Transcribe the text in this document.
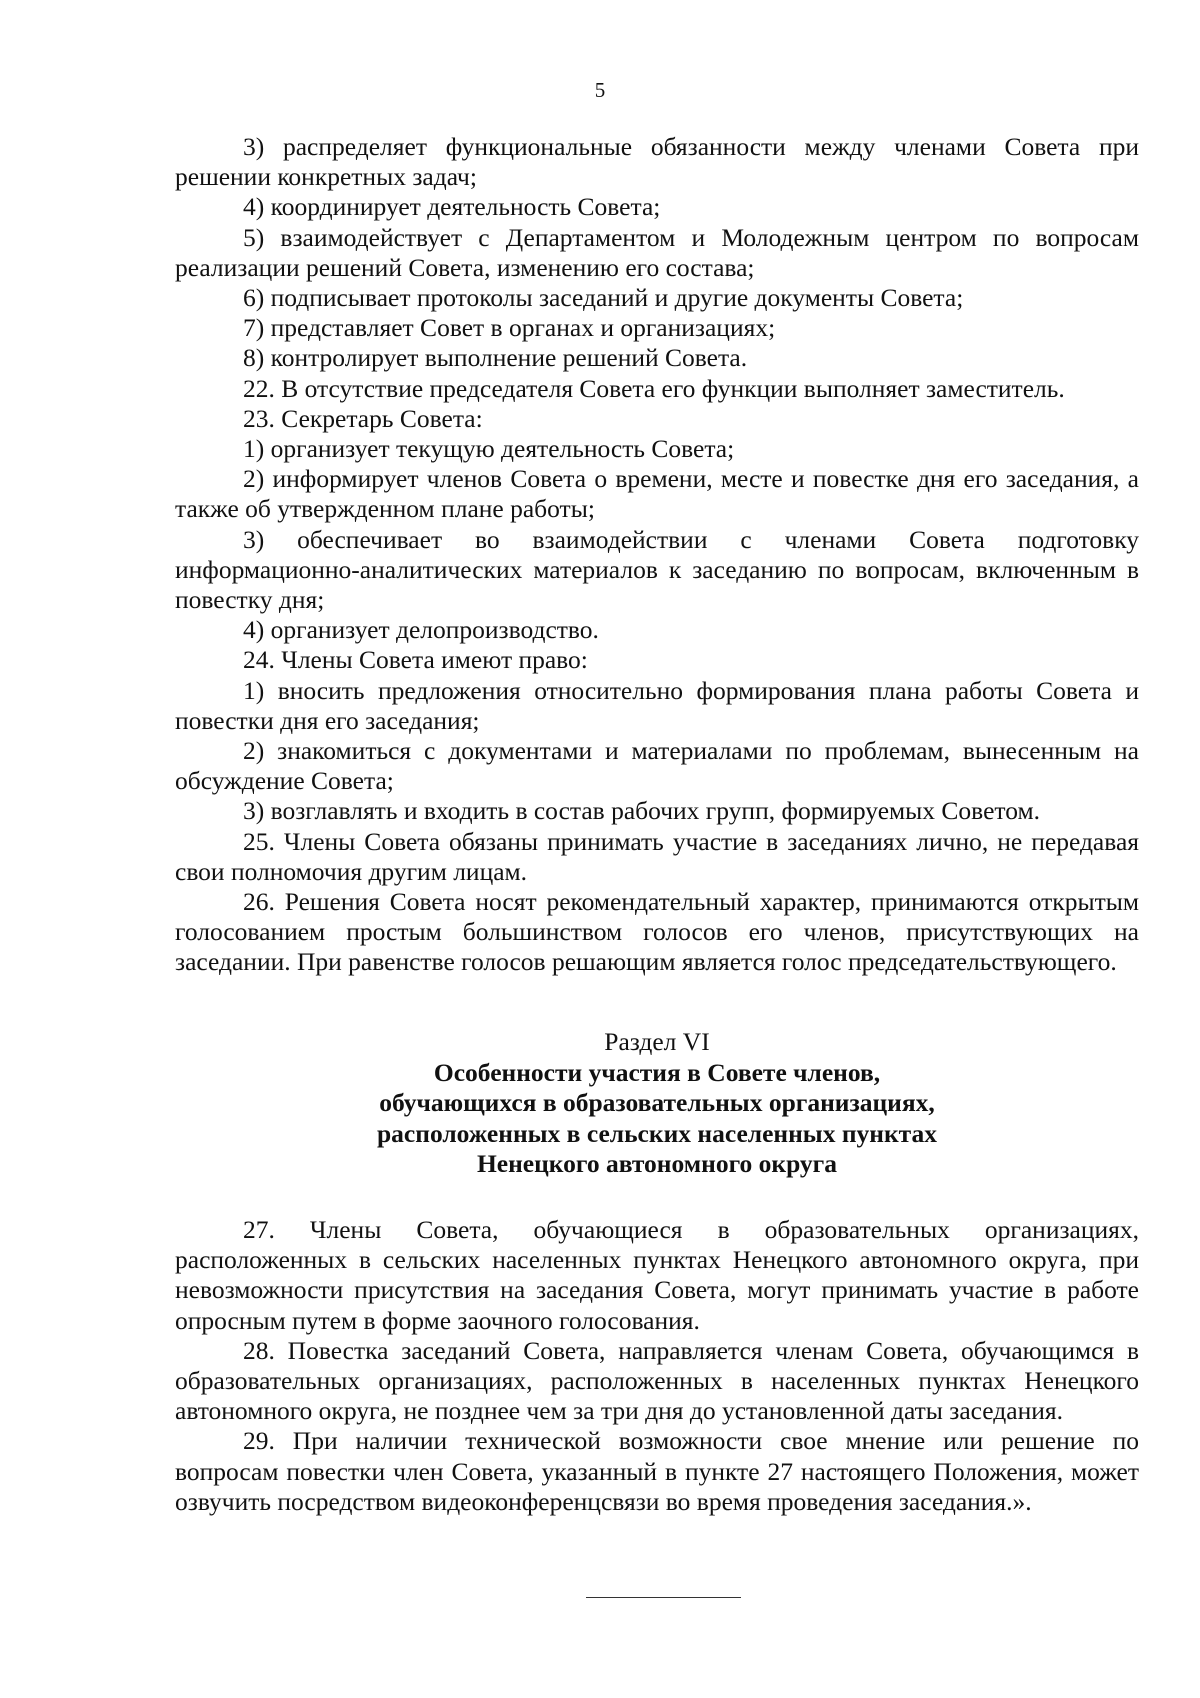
5

3) распределяет функциональные обязанности между членами Совета при решении конкретных задач;

4) координирует деятельность Совета;

5) взаимодействует с Департаментом и Молодежным центром по вопросам реализации решений Совета, изменению его состава;

6) подписывает протоколы заседаний и другие документы Совета;

7) представляет Совет в органах и организациях;

8) контролирует выполнение решений Совета.

22. В отсутствие председателя Совета его функции выполняет заместитель.

23. Секретарь Совета:

1) организует текущую деятельность Совета;

2) информирует членов Совета о времени, месте и повестке дня его заседания, а также об утвержденном плане работы;

3) обеспечивает во взаимодействии с членами Совета подготовку информационно-аналитических материалов к заседанию по вопросам, включенным в повестку дня;

4) организует делопроизводство.

24. Члены Совета имеют право:

1) вносить предложения относительно формирования плана работы Совета и повестки дня его заседания;

2) знакомиться с документами и материалами по проблемам, вынесенным на обсуждение Совета;

3) возглавлять и входить в состав рабочих групп, формируемых Советом.

25. Члены Совета обязаны принимать участие в заседаниях лично, не передавая свои полномочия другим лицам.

26. Решения Совета носят рекомендательный характер, принимаются открытым голосованием простым большинством голосов его членов, присутствующих на заседании. При равенстве голосов решающим является голос председательствующего.

Раздел VI

Особенности участия в Совете членов,

обучающихся в образовательных организациях,

расположенных в сельских населенных пунктах

Ненецкого автономного округа

27. Члены Совета, обучающиеся в образовательных организациях, расположенных в сельских населенных пунктах Ненецкого автономного округа, при невозможности присутствия на заседания Совета, могут принимать участие в работе опросным путем в форме заочного голосования.

28. Повестка заседаний Совета, направляется членам Совета, обучающимся в образовательных организациях, расположенных в населенных пунктах Ненецкого автономного округа, не позднее чем за три дня до установленной даты заседания.

29. При наличии технической возможности свое мнение или решение по вопросам повестки член Совета, указанный в пункте 27 настоящего Положения, может озвучить посредством видеоконференцсвязи во время проведения заседания.».
